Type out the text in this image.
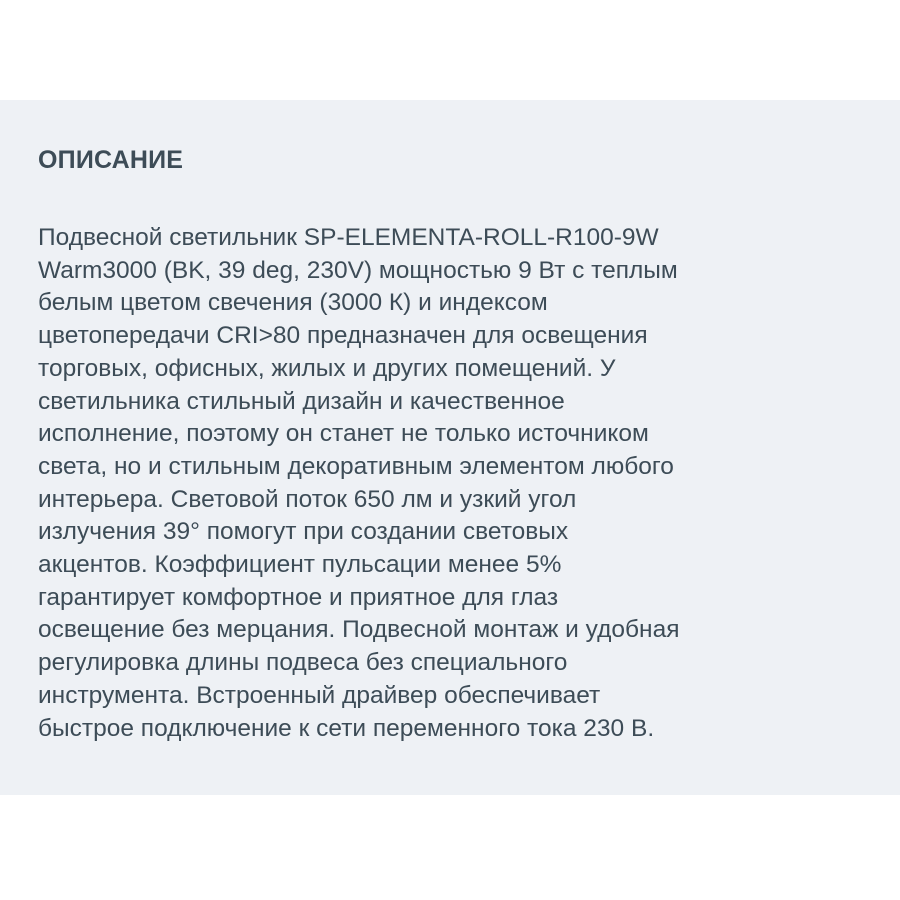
ОПИСАНИЕ

Подвесной светильник SP-ELEMENTA-ROLL-R100-9W
Warm3000 (BK, 39 deg, 230V) мощностью 9 Вт с теплым
белым цветом свечения (3000 К) и индексом
цветопередачи CRI>80 предназначен для освещения
торговых, офисных, жилых и других помещений. У
светильника стильный дизайн и качественное
исполнение, поэтому он станет не только источником
света, но и стильным декоративным элементом любого
интерьера. Световой поток 650 лм и узкий угол
излучения 39° помогут при создании световых
акцентов. Коэффициент пульсации менее 5%
гарантирует комфортное и приятное для глаз
освещение без мерцания. Подвесной монтаж и удобная
регулировка длины подвеса без специального
инструмента. Встроенный драйвер обеспечивает
быстрое подключение к сети переменного тока 230 В.
